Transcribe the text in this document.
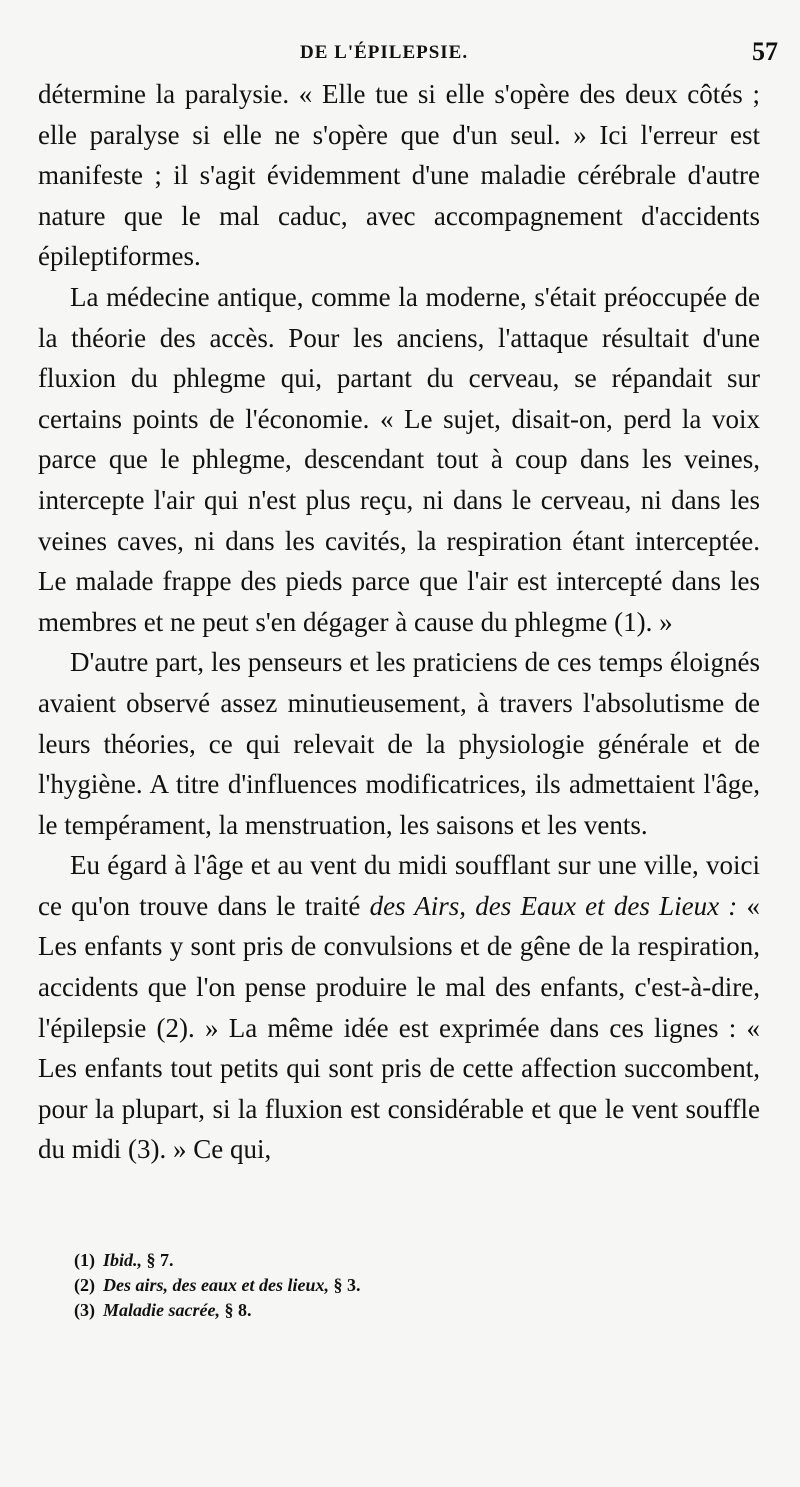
DE L'ÉPILEPSIE.	57

détermine la paralysie. « Elle tue si elle s'opère des deux côtés ; elle paralyse si elle ne s'opère que d'un seul. » Ici l'erreur est manifeste ; il s'agit évidemment d'une maladie cérébrale d'autre nature que le mal caduc, avec accompagnement d'accidents épileptiformes.

La médecine antique, comme la moderne, s'était préoccupée de la théorie des accès. Pour les anciens, l'attaque résultait d'une fluxion du phlegme qui, partant du cerveau, se répandait sur certains points de l'économie. « Le sujet, disait-on, perd la voix parce que le phlegme, descendant tout à coup dans les veines, intercepte l'air qui n'est plus reçu, ni dans le cerveau, ni dans les veines caves, ni dans les cavités, la respiration étant interceptée. Le malade frappe des pieds parce que l'air est intercepté dans les membres et ne peut s'en dégager à cause du phlegme (1). »

D'autre part, les penseurs et les praticiens de ces temps éloignés avaient observé assez minutieusement, à travers l'absolutisme de leurs théories, ce qui relevait de la physiologie générale et de l'hygiène. A titre d'influences modificatrices, ils admettaient l'âge, le tempérament, la menstruation, les saisons et les vents.

Eu égard à l'âge et au vent du midi soufflant sur une ville, voici ce qu'on trouve dans le traité des Airs, des Eaux et des Lieux : « Les enfants y sont pris de convulsions et de gêne de la respiration, accidents que l'on pense produire le mal des enfants, c'est-à-dire, l'épilepsie (2). » La même idée est exprimée dans ces lignes : « Les enfants tout petits qui sont pris de cette affection succombent, pour la plupart, si la fluxion est considérable et que le vent souffle du midi (3). » Ce qui,

(1) Ibid., § 7.
(2) Des airs, des eaux et des lieux, § 3.
(3) Maladie sacrée, § 8.
